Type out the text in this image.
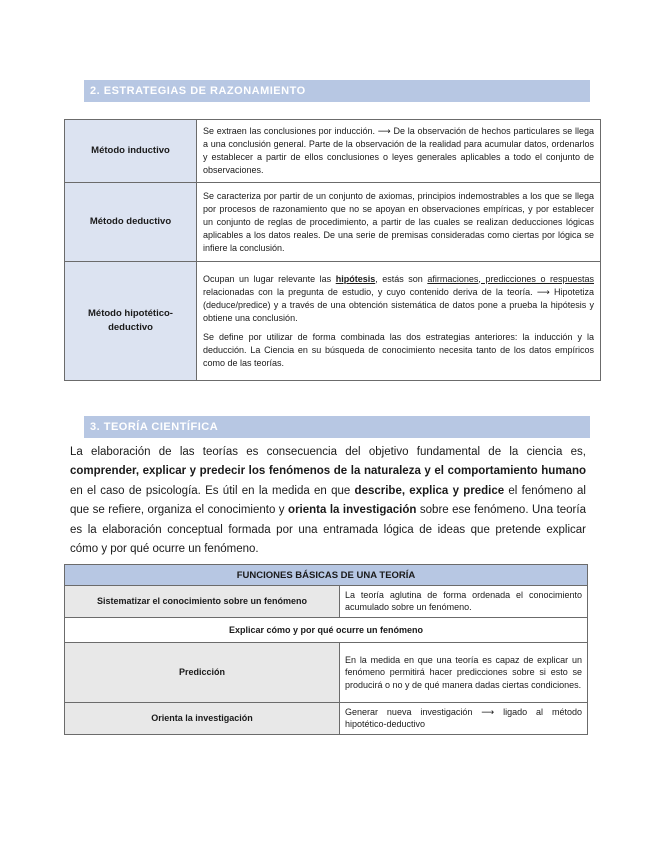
2. ESTRATEGIAS DE RAZONAMIENTO
Método inductivo	Se extraen las conclusiones por inducción. ⟶ De la observación de hechos particulares se llega a una conclusión general. Parte de la observación de la realidad para acumular datos, ordenarlos y establecer a partir de ellos conclusiones o leyes generales aplicables a todo el conjunto de observaciones.

Método deductivo	Se caracteriza por partir de un conjunto de axiomas, principios indemostrables a los que se llega por procesos de razonamiento que no se apoyan en observaciones empíricas, y por establecer un conjunto de reglas de procedimiento, a partir de las cuales se realizan deducciones lógicas aplicables a los datos reales. De una serie de premisas consideradas como ciertas por lógica se infiere la conclusión.

Método hipotético-deductivo	Ocupan un lugar relevante las hipótesis, estás son afirmaciones, predicciones o respuestas relacionadas con la pregunta de estudio, y cuyo contenido deriva de la teoría. ⟶ Hipotetiza (deduce/predice) y a través de una obtención sistemática de datos pone a prueba la hipótesis y obtiene una conclusión.

Se define por utilizar de forma combinada las dos estrategias anteriores: la inducción y la deducción. La Ciencia en su búsqueda de conocimiento necesita tanto de los datos empíricos como de las teorías.

3. TEORÍA CIENTÍFICA

La elaboración de las teorías es consecuencia del objetivo fundamental de la ciencia es, comprender, explicar y predecir los fenómenos de la naturaleza y el comportamiento humano en el caso de psicología. Es útil en la medida en que describe, explica y predice el fenómeno al que se refiere, organiza el conocimiento y orienta la investigación sobre ese fenómeno. Una teoría es la elaboración conceptual formada por una entramada lógica de ideas que pretende explicar cómo y por qué ocurre un fenómeno.

FUNCIONES BÁSICAS DE UNA TEORÍA	
Sistematizar el conocimiento sobre un fenómeno	La teoría aglutina de forma ordenada el conocimiento acumulado sobre un fenómeno.
Explicar cómo y por qué ocurre un fenómeno	
Predicción	En la medida en que una teoría es capaz de explicar un fenómeno permitirá hacer predicciones sobre si esto se producirá o no y de qué manera dadas ciertas condiciones.
Orienta la investigación	Generar nueva investigación ⟶ ligado al método hipotético-deductivo
